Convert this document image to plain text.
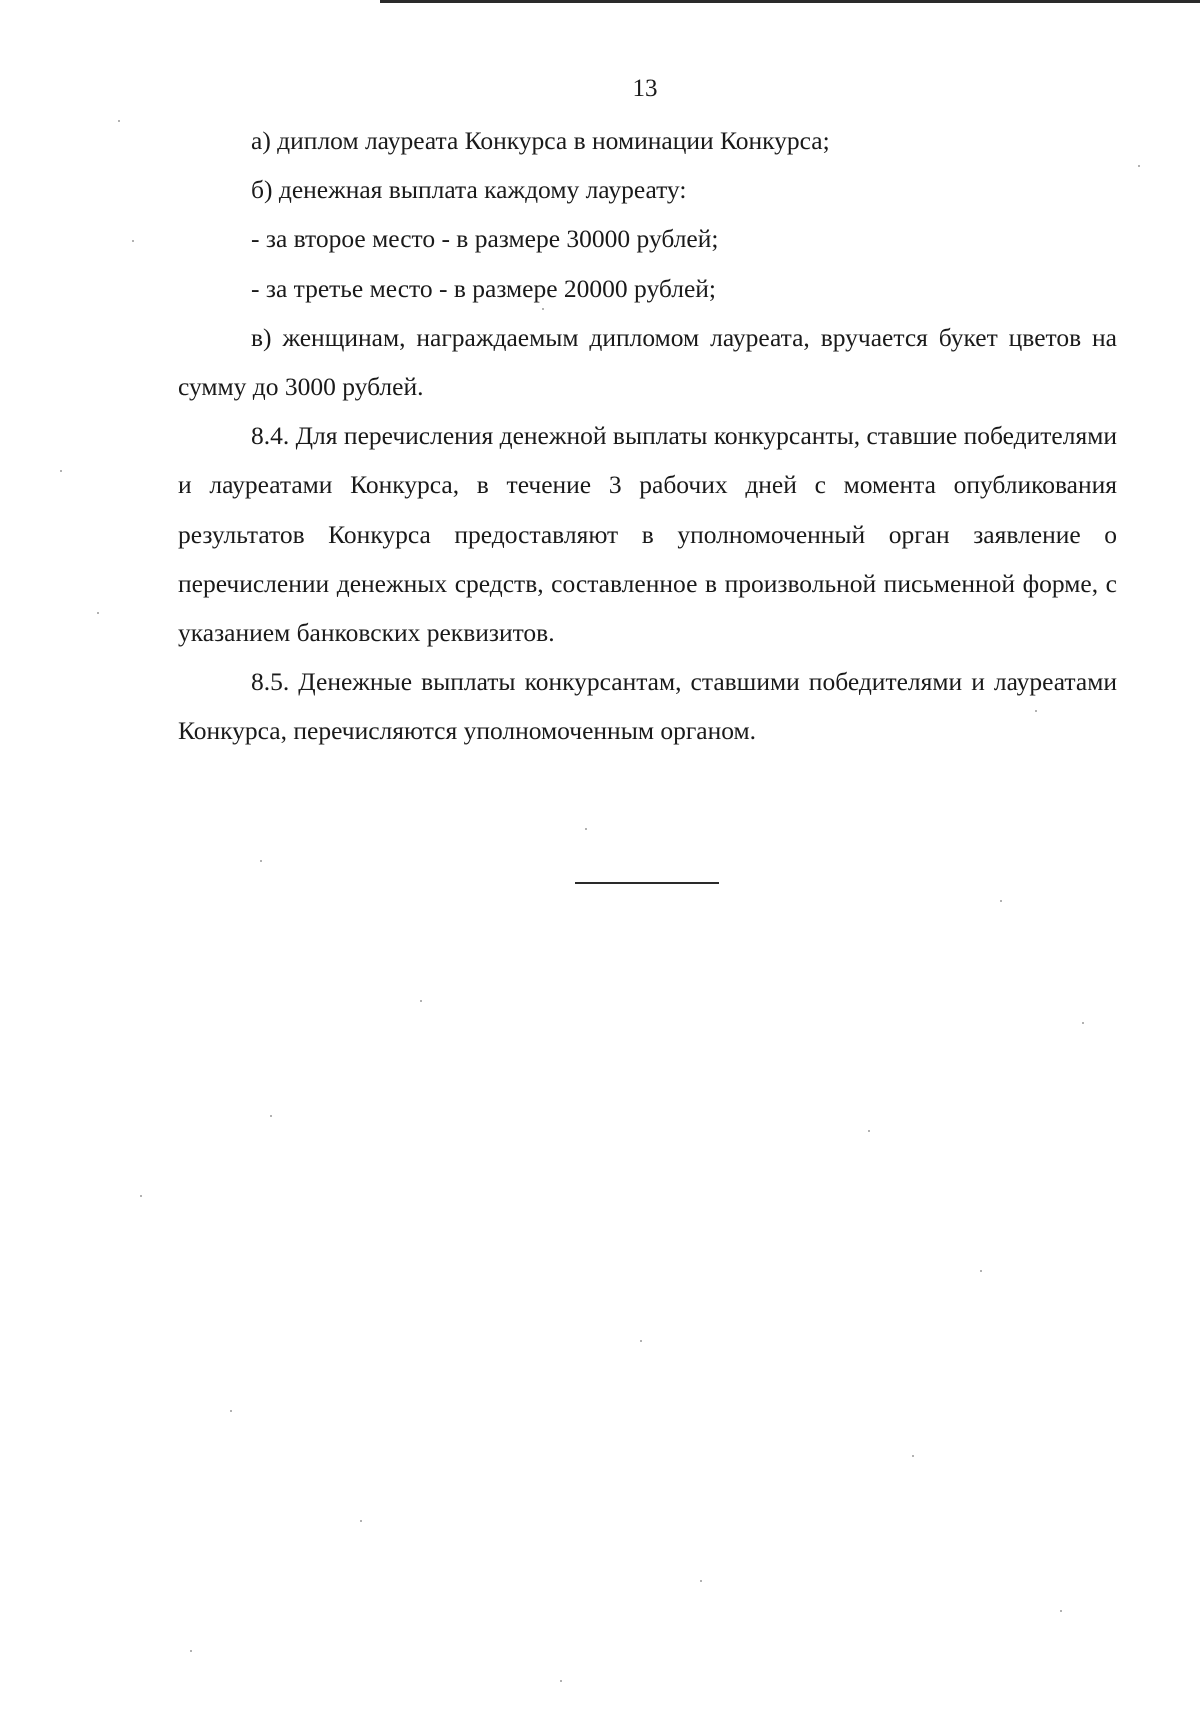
13

а) диплом лауреата Конкурса в номинации Конкурса;

б) денежная выплата каждому лауреату:

- за второе место - в размере 30000 рублей;

- за третье место - в размере 20000 рублей;

в) женщинам, награждаемым дипломом лауреата, вручается букет цветов на сумму до 3000 рублей.

8.4. Для перечисления денежной выплаты конкурсанты, ставшие победителями и лауреатами Конкурса, в течение 3 рабочих дней с момента опубликования результатов Конкурса предоставляют в уполномоченный орган заявление о перечислении денежных средств, составленное в произвольной письменной форме, с указанием банковских реквизитов.

8.5. Денежные выплаты конкурсантам, ставшими победителями и лауреатами Конкурса, перечисляются уполномоченным органом.
